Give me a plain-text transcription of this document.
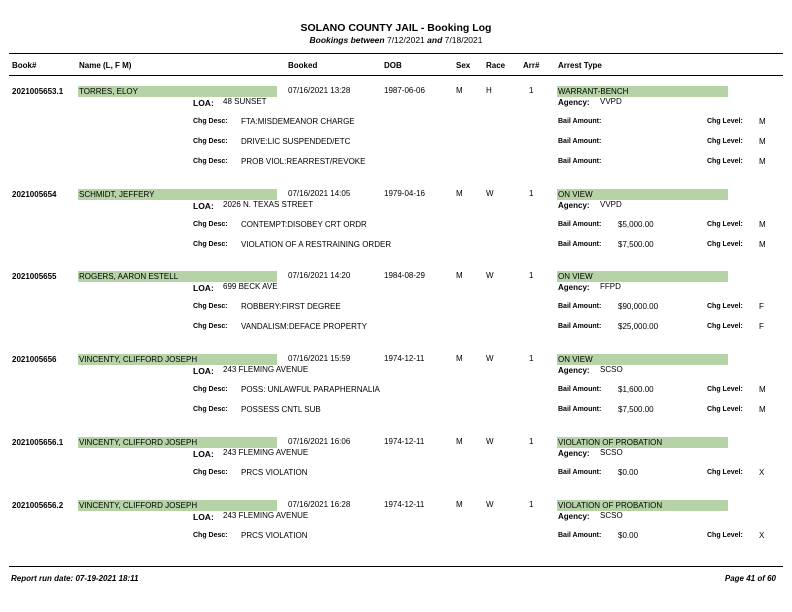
SOLANO COUNTY JAIL - Booking Log
Bookings between 7/12/2021 and 7/18/2021
Book#	Name (L, F M)	Booked	DOB	Sex Race Arr# Arrest Type
2021005653.1 TORRES, ELOY	07/16/2021 13:28	1987-06-06	M	H	1	WARRANT-BENCH
LOA: 48 SUNSET	Agency: VVPD
Chg Desc: FTA:MISDEMEANOR CHARGE	Bail Amount:	Chg Level: M
Chg Desc: DRIVE:LIC SUSPENDED/ETC	Bail Amount:	Chg Level: M
Chg Desc: PROB VIOL:REARREST/REVOKE	Bail Amount:	Chg Level: M
2021005654	SCHMIDT, JEFFERY	07/16/2021 14:05	1979-04-16	M	W	1	ON VIEW
LOA: 2026 N. TEXAS STREET	Agency: VVPD
Chg Desc: CONTEMPT:DISOBEY CRT ORDR	Bail Amount: $5,000.00	Chg Level: M
Chg Desc: VIOLATION OF A RESTRAINING ORDER	Bail Amount: $7,500.00	Chg Level: M
2021005655	ROGERS, AARON ESTELL	07/16/2021 14:20	1984-08-29	M	W	1	ON VIEW
LOA: 699 BECK AVE	Agency: FFPD
Chg Desc: ROBBERY:FIRST DEGREE	Bail Amount: $90,000.00	Chg Level: F
Chg Desc: VANDALISM:DEFACE PROPERTY	Bail Amount: $25,000.00	Chg Level: F
2021005656	VINCENTY, CLIFFORD JOSEPH	07/16/2021 15:59	1974-12-11	M	W	1	ON VIEW
LOA: 243 FLEMING AVENUE	Agency: SCSO
Chg Desc: POSS: UNLAWFUL PARAPHERNALIA	Bail Amount: $1,600.00	Chg Level: M
Chg Desc: POSSESS CNTL SUB	Bail Amount: $7,500.00	Chg Level: M
2021005656.1 VINCENTY, CLIFFORD JOSEPH	07/16/2021 16:06	1974-12-11	M	W	1	VIOLATION OF PROBATION
LOA: 243 FLEMING AVENUE	Agency: SCSO
Chg Desc: PRCS VIOLATION	Bail Amount: $0.00	Chg Level: X
2021005656.2 VINCENTY, CLIFFORD JOSEPH	07/16/2021 16:28	1974-12-11	M	W	1	VIOLATION OF PROBATION
LOA: 243 FLEMING AVENUE	Agency: SCSO
Chg Desc: PRCS VIOLATION	Bail Amount: $0.00	Chg Level: X
Report run date: 07-19-2021 18:11	Page 41 of 60
